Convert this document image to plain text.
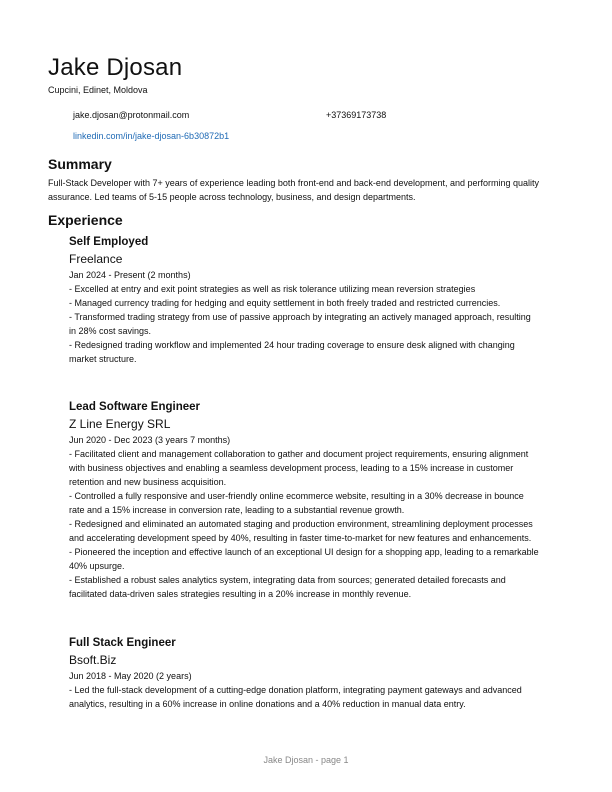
Jake Djosan
Cupcini, Edinet, Moldova
jake.djosan@protonmail.com	+37369173738
linkedin.com/in/jake-djosan-6b30872b1
Summary
Full-Stack Developer with 7+ years of experience leading both front-end and back-end development, and performing quality assurance. Led teams of 5-15 people across technology, business, and design departments.
Experience
Self Employed
Freelance
Jan 2024 - Present (2 months)
- Excelled at entry and exit point strategies as well as risk tolerance utilizing mean reversion strategies
- Managed currency trading for hedging and equity settlement in both freely traded and restricted currencies.
- Transformed trading strategy from use of passive approach by integrating an actively managed approach, resulting in 28% cost savings.
- Redesigned trading workflow and implemented 24 hour trading coverage to ensure desk aligned with changing market structure.
Lead Software Engineer
Z Line Energy SRL
Jun 2020 - Dec 2023 (3 years 7 months)
- Facilitated client and management collaboration to gather and document project requirements, ensuring alignment with business objectives and enabling a seamless development process, leading to a 15% increase in customer retention and new business acquisition.
- Controlled a fully responsive and user-friendly online ecommerce website, resulting in a 30% decrease in bounce rate and a 15% increase in conversion rate, leading to a substantial revenue growth.
- Redesigned and eliminated an automated staging and production environment, streamlining deployment processes and accelerating development speed by 40%, resulting in faster time-to-market for new features and enhancements.
- Pioneered the inception and effective launch of an exceptional UI design for a shopping app, leading to a remarkable 40% upsurge.
- Established a robust sales analytics system, integrating data from sources; generated detailed forecasts and facilitated data-driven sales strategies resulting in a 20% increase in monthly revenue.
Full Stack Engineer
Bsoft.Biz
Jun 2018 - May 2020 (2 years)
- Led the full-stack development of a cutting-edge donation platform, integrating payment gateways and advanced analytics, resulting in a 60% increase in online donations and a 40% reduction in manual data entry.
Jake Djosan - page 1
